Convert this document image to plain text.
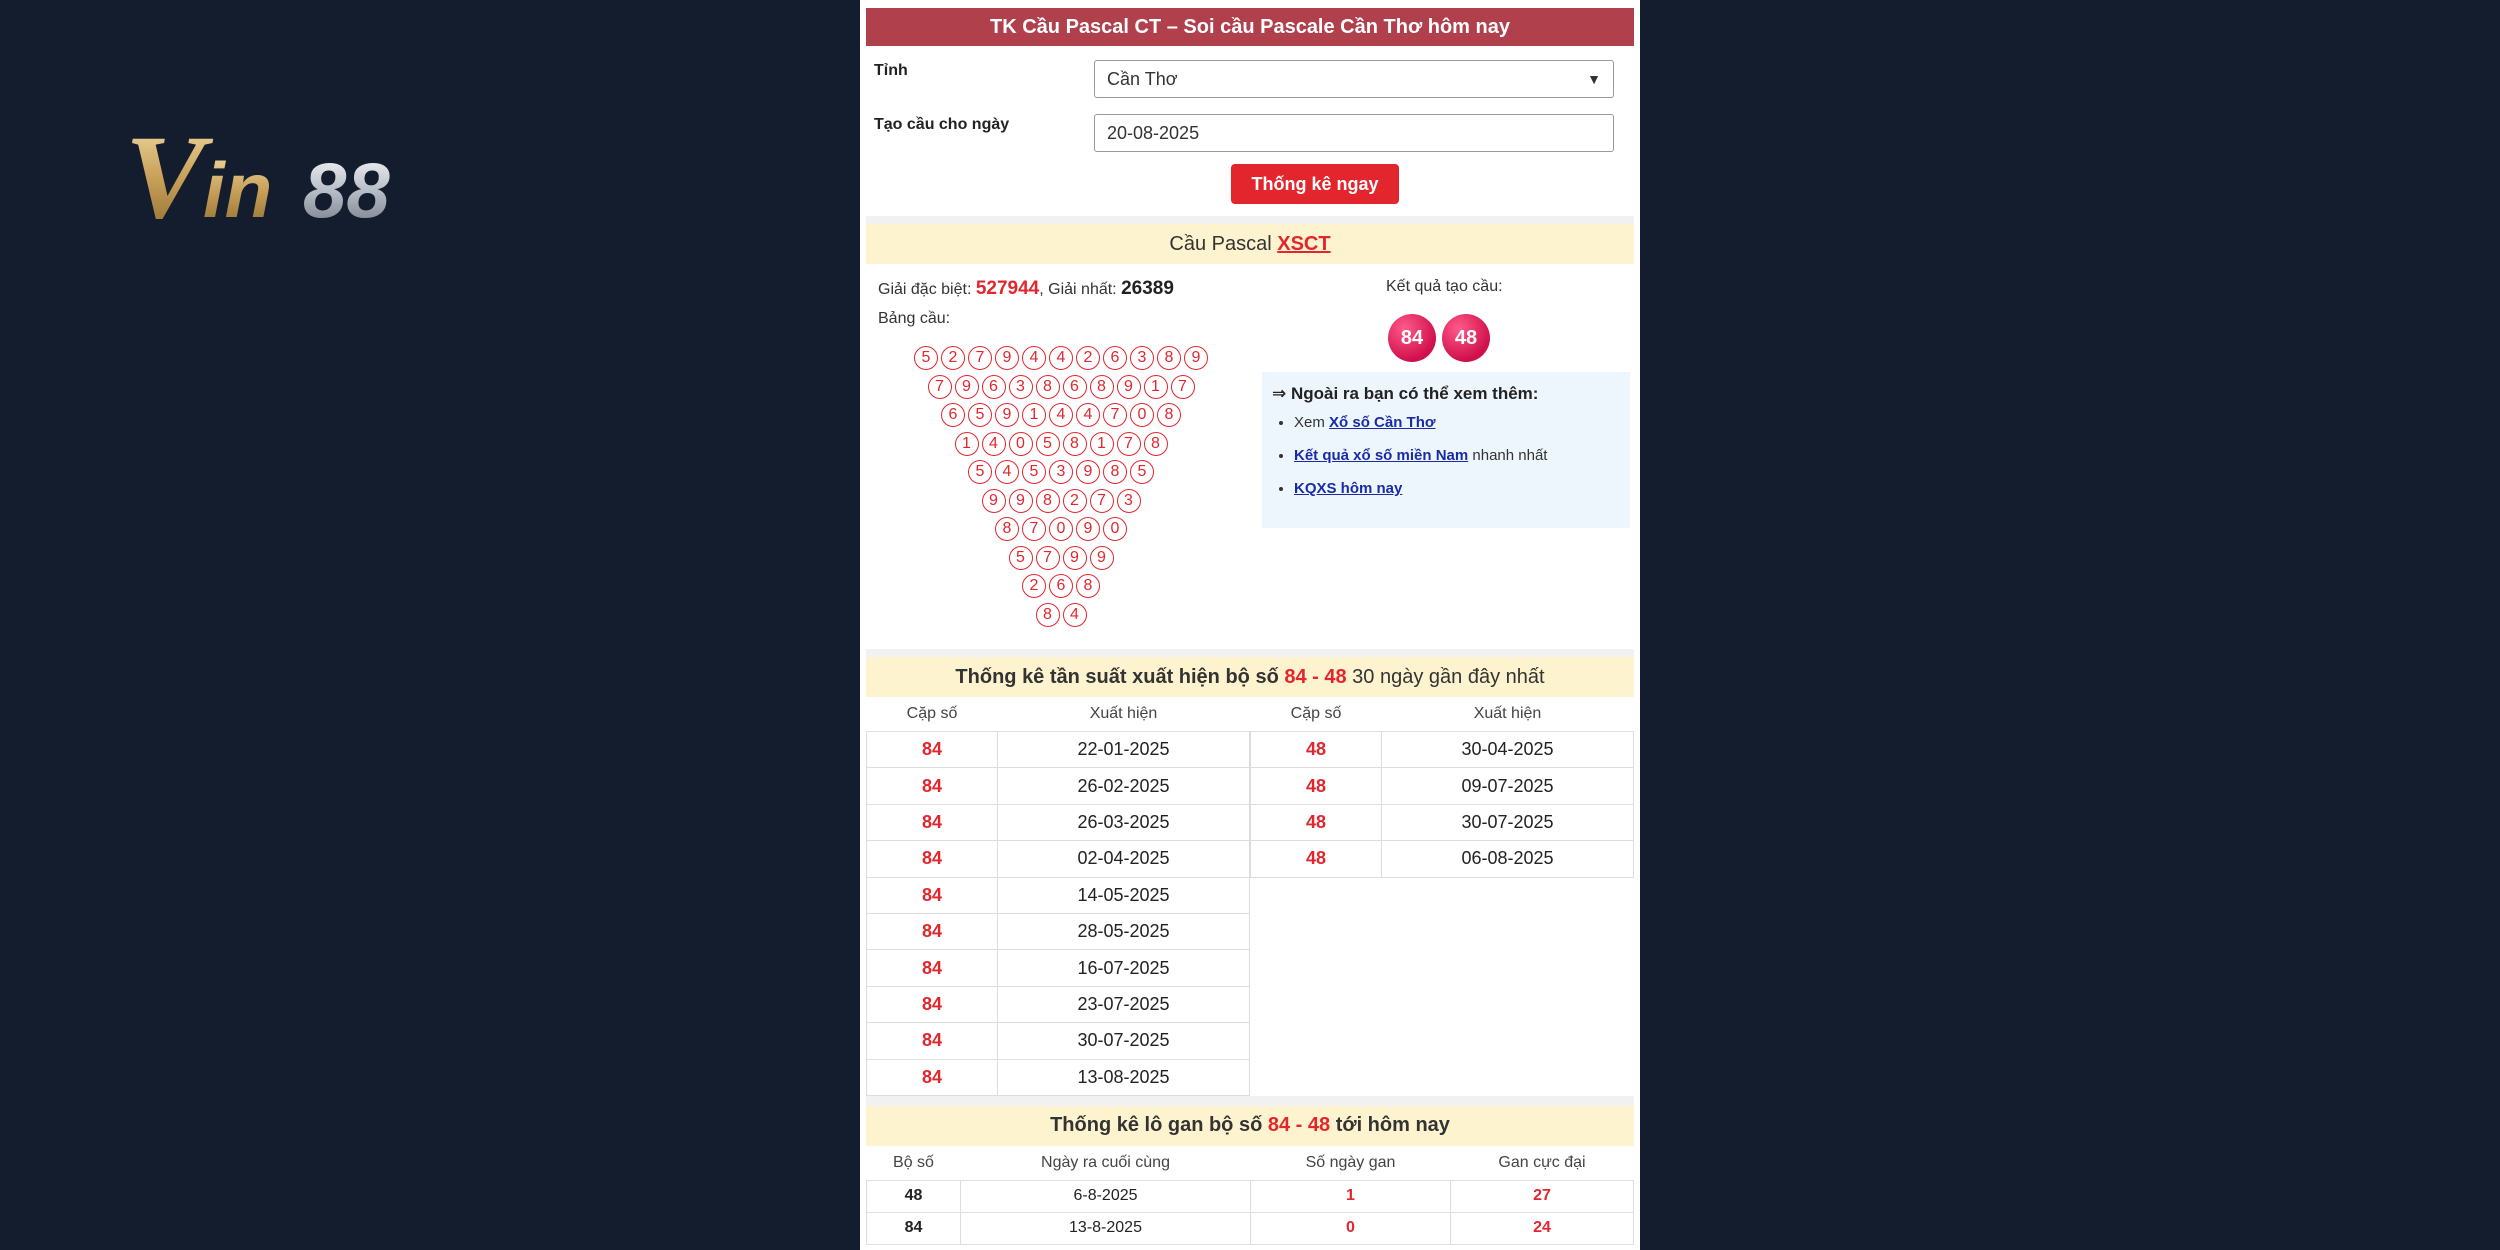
V
in 88
TK Cầu Pascal CT – Soi cầu Pascale Cần Thơ hôm nay
Tỉnh	Cần Thơ	▼
Tạo cầu cho ngày	20-08-2025
Thống kê ngay
Cầu Pascal
XSCT
Giải đặc biệt: 527944, Giải nhất: 26389
Bảng cầu:
5	2	7	9	4	4	2	6	3	8	9
7	9	6	3	8	6	8	9	1	7
6	5	9	1	4	4	7	0	8
1	4	0	5	8	1	7	8
5	4	5	3	9	8	5
9	9	8	2	7	3
8	7	0	9	0
5	7	9	9
2	6	8
8	4
Kết quả tạo cầu:
84	48
⇒ Ngoài ra bạn có thể xem thêm:
• Xem Xổ số Cần Thơ
• Kết quả xổ số miền Nam nhanh nhất
• KQXS hôm nay
Thống kê tần suất xuất hiện bộ số
84 - 48
30 ngày gần đây nhất
Cặp số	Xuất hiện
84	22-01-2025
84	26-02-2025
84	26-03-2025
84	02-04-2025
84	14-05-2025
84	28-05-2025
84	16-07-2025
84	23-07-2025
84	30-07-2025
84	13-08-2025
Cặp số	Xuất hiện
48	30-04-2025
48	09-07-2025
48	30-07-2025
48	06-08-2025
Thống kê lô gan bộ số
84 - 48
tới hôm nay
Bộ số	Ngày ra cuối cùng	Số ngày gan	Gan cực đại
48	6-8-2025	1	27
84	13-8-2025	0	24
